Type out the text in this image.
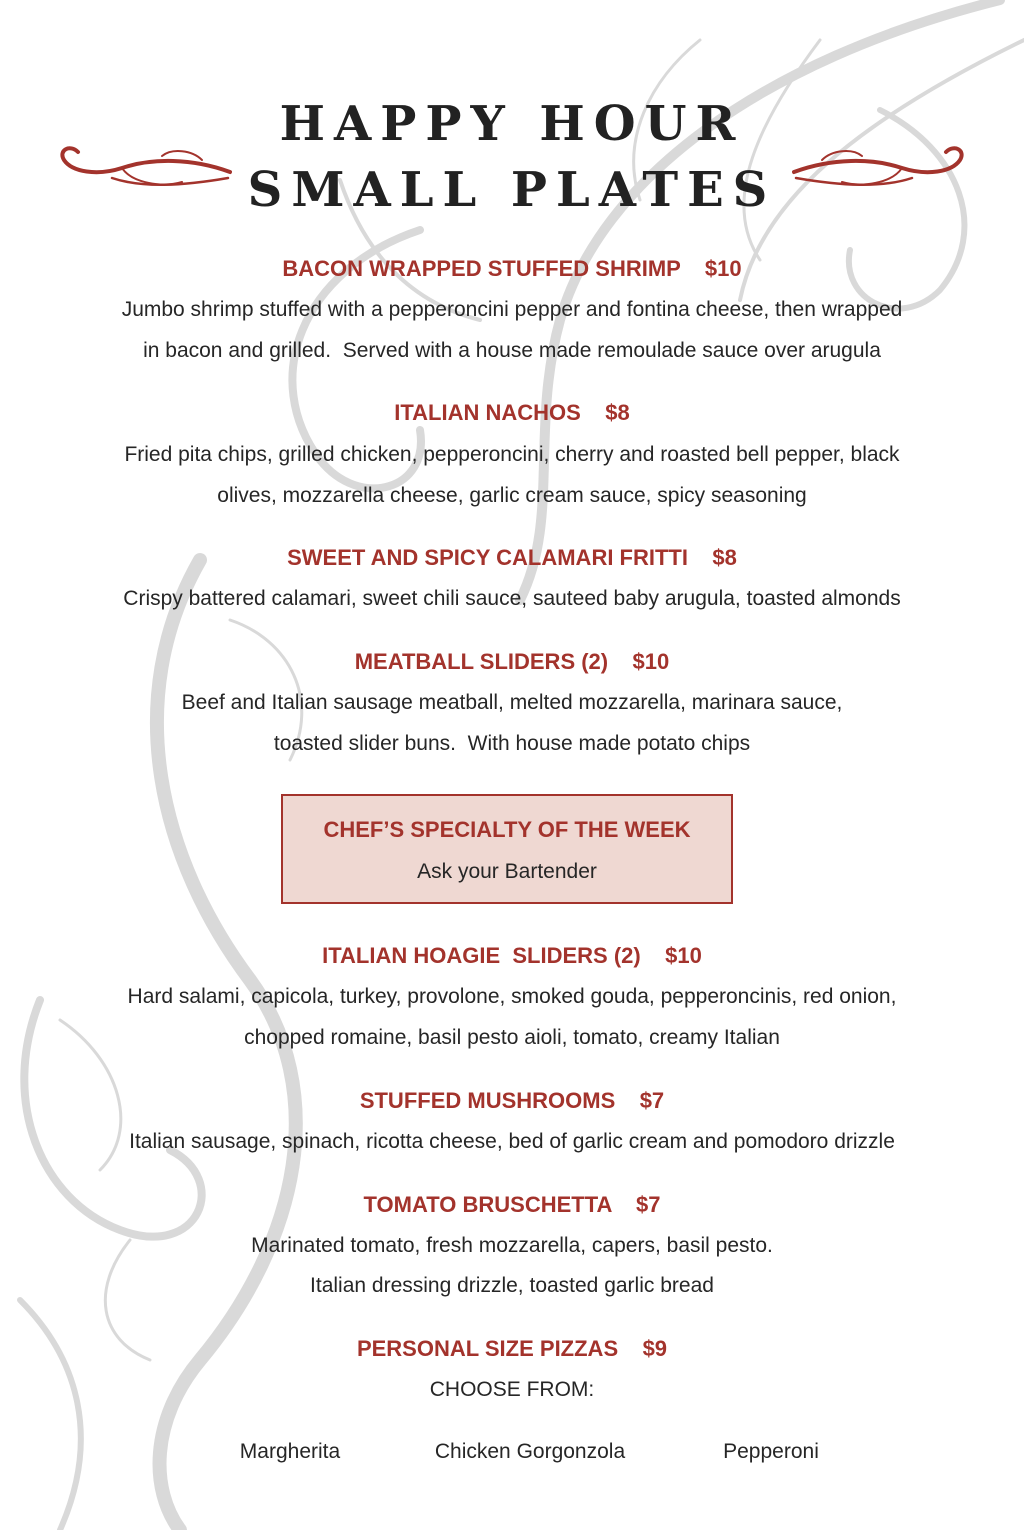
HAPPY HOUR
SMALL PLATES
BACON WRAPPED STUFFED SHRIMP    $10
Jumbo shrimp stuffed with a pepperoncini pepper and fontina cheese, then wrapped
in bacon and grilled.  Served with a house made remoulade sauce over arugula
ITALIAN NACHOS    $8
Fried pita chips, grilled chicken, pepperoncini, cherry and roasted bell pepper, black
olives, mozzarella cheese, garlic cream sauce, spicy seasoning
SWEET AND SPICY CALAMARI FRITTI    $8
Crispy battered calamari, sweet chili sauce, sauteed baby arugula, toasted almonds
MEATBALL SLIDERS (2)    $10
Beef and Italian sausage meatball, melted mozzarella, marinara sauce,
toasted slider buns.  With house made potato chips
CHEF’S SPECIALTY OF THE WEEK
Ask your Bartender
ITALIAN HOAGIE  SLIDERS (2)    $10
Hard salami, capicola, turkey, provolone, smoked gouda, pepperoncinis, red onion,
chopped romaine, basil pesto aioli, tomato, creamy Italian
STUFFED MUSHROOMS    $7
Italian sausage, spinach, ricotta cheese, bed of garlic cream and pomodoro drizzle
TOMATO BRUSCHETTA    $7
Marinated tomato, fresh mozzarella, capers, basil pesto.
Italian dressing drizzle, toasted garlic bread
PERSONAL SIZE PIZZAS    $9
CHOOSE FROM:
Margherita	Chicken Gorgonzola	Pepperoni
